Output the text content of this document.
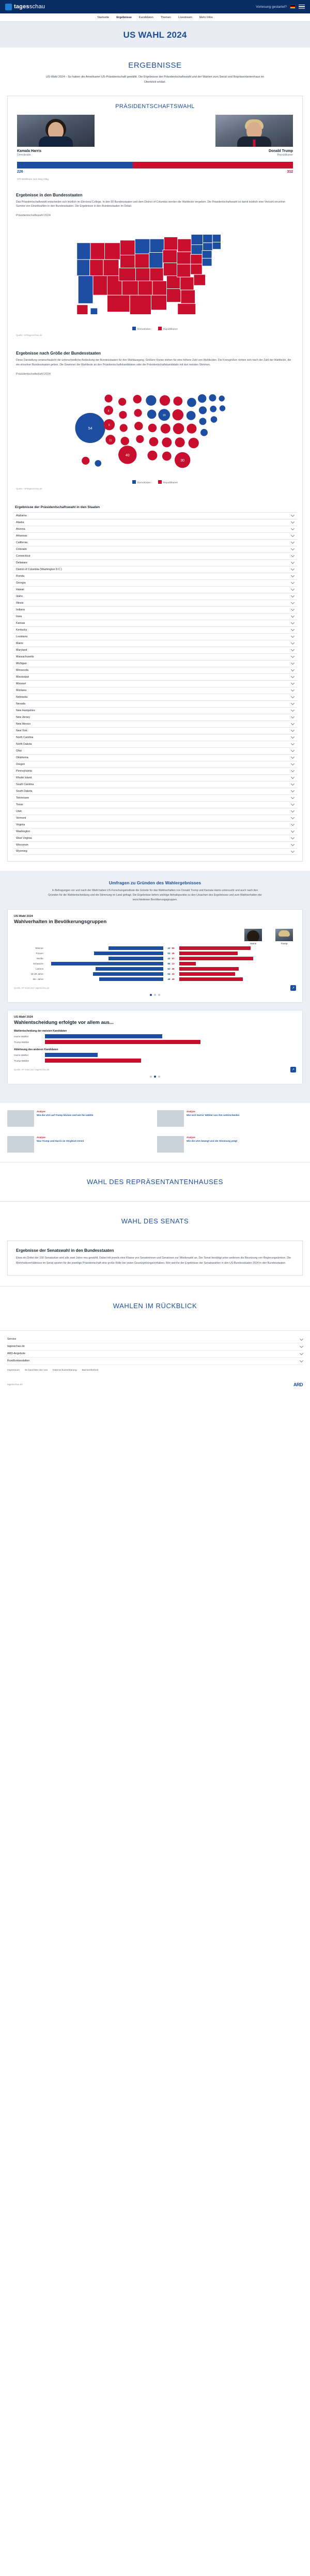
tagesschau	Vorlesung gestartet?
Startseite	Ergebnisse	Kandidaten	Themen	Livestream	Mehr Infos
US WAHL 2024
ERGEBNISSE

US-Wahl 2024 – So haben die Amerikaner US-Präsidentschaft gewählt. Die Ergebnisse der Präsidentschaftswahl und der Wahlen zum Senat und Repräsentantenhaus im Überblick erklärt.

PRÄSIDENTSCHAFTSWAHL
Kamala Harris
Demokratin
Donald Trump
Republikaner
226	312
270 Wahlleute zum Sieg nötig
Ergebnisse in den Bundesstaaten

Das Präsidentschaftswahl entscheidet sich letztlich im Electoral College. In den 50 Bundesstaaten und dem District of Columbia werden die Wahlleute vergeben. Die Präsidentschaftswahl ist damit letztlich eine Vielzahl einzelner Summe von Einzelwahlen in den Bundesstaaten. Die Ergebnisse in den Bundesstaaten im Detail.

Präsidentschaftswahl 2024
Demokraten	Republikaner
Quelle: AP/tagesschau.de
Ergebnisse nach Größe der Bundesstaaten

Diese Darstellung veranschaulicht die unterschiedliche Bedeutung der Bundesstaaten für den Wahlausgang. Größere Kreise stehen für eine höhere Zahl von Wahlleuten. Die Kreisgrößen richten sich nach der Zahl der Wahlleute, die ein einzelner Bundesstaaten geben. Die Gewinner der Wahlleute an den Präsidentschaftskandidaten oder die Präsidentschaftskandidatin mit den meisten Stimmen.

Präsidentschaftswahl 2024
54
4
6
11
40
19
30
Demokraten	Republikaner
Quelle: AP/tagesschau.de
Ergebnisse der Präsidentschaftswahl in den Staaten
Alabama
Alaska
Arizona
Arkansas
California
Colorado
Connecticut
Delaware
District of Columbia (Washington D.C.)
Florida
Georgia
Hawaii
Idaho
Illinois
Indiana
Iowa
Kansas
Kentucky
Louisiana
Maine
Maryland
Massachusetts
Michigan
Minnesota
Mississippi
Missouri
Montana
Nebraska
Nevada
New Hampshire
New Jersey
New Mexico
New York
North Carolina
North Dakota
Ohio
Oklahoma
Oregon
Pennsylvania
Rhode Island
South Carolina
South Dakota
Tennessee
Texas
Utah
Vermont
Virginia
Washington
West Virginia
Wisconsin
Wyoming
Umfragen zu Gründen des Wahlergebnisses

In Befragungen vor und nach der Wahl haben US-Forschungsinstitute die Gründe für das Wahlverhalten von Donald Trump und Kamala Harris untersucht und auch nach den Gründen für die Wahlentscheidung und die Stimmung im Land gefragt. Die Ergebnisse liefern wichtige Anhaltspunkte zu den Ursachen des Ergebnisses und zum Wahlverhalten der verschiedenen Bevölkerungsgruppen.

US-Wahl 2024
Wahlverhalten in Bevölkerungsgruppen
Harris	Trump
Männer	42 55
Frauen	53 45
Weiße	42 57
Schwarze	86 13
Latinos	52 46
18-29 Jahre	54 43
65+ Jahre	49 49
Quelle: AP VoteCast / tagesschau.de	↗
US-Wahl 2024
Wahlentscheidung erfolgte vor allem aus...
Wahlentscheidung der meisten Kandidaten
Harris-Wähler
Trump-Wähler
89
Ablehnung des anderen Kandidaten
Harris-Wähler
Trump-Wähler
55
Quelle: AP VoteCast / tagesschau.de	↗
Analyse
Wie die USA auf Trump blicken und wie ihn wählte
Analyse
Wie sich Harris' Wähler von ihm unterscheiden
Analyse
Was Trump und Harris im Vergleich trennt
Analyse
Wie die USA bewegt und die Stimmung prägt
WAHL DES REPRÄSENTANTENHAUSES
WAHL DES SENATS
Ergebnisse der Senatswahl in den Bundesstaaten

Etwa ein Drittel der 100 Senatssitze wird alle zwei Jahre neu gewählt. Dabei tritt jeweils eine Klasse von Senatorinnen und Senatoren zur Wiederwahl an. Der Senat bestätigt unter anderem die Besetzung von Regierungsämtern. Die Mehrheitsverhältnisse im Senat spielen für die jeweilige Präsidentschaft eine große Rolle bei vielen Gesetzgebungsvorhaben. Wer welche der Ergebnisse der Senatswahlen in den US-Bundesstaaten 2024 in den Bundesstaaten.

WAHLEN IM RÜCKBLICK
Service
tagesschau.de
ARD-Angebote
Rundfunkanstalten
Impressum So berichten Sie uns Datenschutzerklärung Barrierefreiheit
tagesschau.de	ARD
